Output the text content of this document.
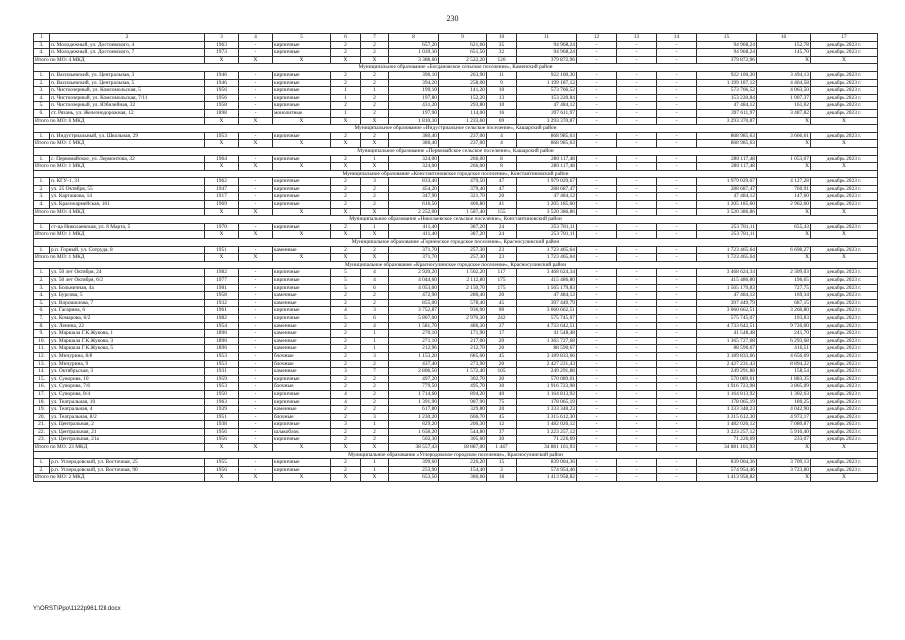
230
1	2	3	4	5	6	7	8	9	10	11	12	13	14	15	16	17
3.	п. Молодежный, ул. Достоевского, 4	1963	-	кирпичные	2	2	657,20	621,60	35	94 968,24	-	-	-	94 968,24	152,78	декабрь 2023 г.
4.	п. Молодежный, ул. Достоевского, 7	1973	-	кирпичные	2	2	1 039,30	651,50	32	94 968,24	-	-	-	94 968,24	145,70	декабрь 2023 г.
Итого по МО: 4 МКД		X	X	X	X	X	3 388,60	2 522,20	120	379 872,96	-	-	-	379 872,96	X	X
Муниципальное образование «Богдановское сельское поселение», Каменский район																
1.	п. Васильевский, ул. Центральная, 3	1946	-	кирпичные	2	2	390,10	263,90	11	922 100,30	-	-	-	922 100,30	3 494,13	декабрь 2023 г.
2.	п. Васильевский, ул. Центральная, 5	1946	-	кирпичные	2	2	394,20	258,00	9	1 199 187,12	-	-	-	1 199 187,12	4 464,58	декабрь 2023 г.
3.	п. Чистоозерный, ул. Комсомольская, 5	1956	-	кирпичные	1	1	199,10	141,20	10	573 766,52	-	-	-	573 766,52	4 063,50	декабрь 2023 г.
4.	п. Чистоозерный, ул. Комсомольская, 7/11	1956	-	кирпичные	1	2	197,80	152,20	13	153 220,84	-	-	-	153 220,84	1 007,37	декабрь 2023 г.
5.	п. Чистоозерный, ул. Юбилейная, 32	1958	-	кирпичные	2	2	431,20	293,80	10	47 484,12	-	-	-	47 484,12	161,62	декабрь 2023 г.
6.	ст. Рязань, ул. Железнодорожная, 12	1898	-	монолитные	1	2	197,90	114,00	16	397 611,97	-	-	-	397 611,97	3 487,82	декабрь 2023 г.
Итого по МО: 6 МКД		X	X	X	X	X	1 810,30	1 233,60	69	3 293 370,87	-	-	-	3 293 370,87	X	X
Муниципальное образование «Индустриальное сельское поселение», Кашарский район																
1.	п. Индустриальный, ул. Школьная, 29	1953	-	кирпичные	2	2	380,40	237,00	4	868 985,63	-	-	-	868 985,63	3 666,61	декабрь 2023 г.
Итого по МО: 1 МКД		X	X	X	X	X	380,40	237,00	4	868 985,63	-	-	-	868 985,63	X	X
Муниципальное образование «Первомайское сельское поселение», Кашарский район																
1.	с. Первомайское, ул. Лермонтова, 32	1964	-	кирпичные	2	1	324,00	266,00	8	280 117,48	-	-	-	280 117,48	1 053,07	декабрь 2023 г.
Итого по МО: 1 МКД		X	X	X	X	X	324,00	266,00	8	280 117,48	-	-	-	280 117,48	X	X
Муниципальное образование «Константиновское городское поселение», Константиновский район																
1.	п. КГУ-1, 31	1962	-	кирпичные	2	3	833,40	479,50	47	1 979 029,67	-	-	-	1 979 029,67	4 127,28	декабрь 2023 г.
2.	ул. 25 Октября, 55	1947	-	кирпичные	2	2	454,20	379,40	47	288 687,47	-	-	-	288 687,47	760,91	декабрь 2023 г.
3.	ул. Карташова, 14	1917	-	кирпичные	2	2	347,90	321,70	20	47 484,12	-	-	-	47 484,12	147,60	декабрь 2023 г.
4.	ул. Красноармейская, 161	1969	-	кирпичные	2	2	616,50	406,80	41	1 205 185,60	-	-	-	1 205 185,60	2 962,60	декабрь 2023 г.
Итого по МО: 4 МКД		X	X	X	X	X	2 252,00	1 587,40	155	3 520 386,86	-	-	-	3 520 386,86	X	X
Муниципальное образование «Николаевское сельское поселение», Константиновский район																
1.	ст-ца Николаевская, ул. 8 Марта, 5	1970	-	кирпичные	2	1	411,40	387,20	24	253 781,11	-	-	-	253 781,11	655,43	декабрь 2023 г.
Итого по МО: 1 МКД		X	X	X	X	X	411,40	387,20	24	253 781,11	-	-	-	253 781,11	X	X
Муниципальное образование «Горненское городское поселение», Красносулинский район																
1.	р.п. Горный, ул. Сотруда, 8	1951	-	каменные	2	2	371,70	257,30	23	1 723 465,64	-	-	-	1 723 465,64	6 698,27	декабрь 2023 г.
Итого по МО: 1 МКД		X	X	X	X	X	371,70	257,30	23	1 723 465,64	-	-	-	1 723 465,64	X	X
Муниципальное образование «Красносулинское городское поселение», Красносулинский район																
1.	ул. 50 лет Октября, 24	1982	-	кирпичные	5	4	2 920,20	1 502,20	117	3 468 624,34	-	-	-	3 468 624,34	2 309,03	декабрь 2023 г.
2.	ул. 50 лет Октября, 6/2	1977	-	кирпичные	5	4	4 044,60	2 112,80	175	415 486,80	-	-	-	415 486,80	196,65	декабрь 2023 г.
3.	ул. Больничная, 4а	1981	-	кирпичные	5	6	4 053,00	2 150,70	175	1 565 179,83	-	-	-	1 565 179,83	727,75	декабрь 2023 г.
4.	ул. Бурсова, 5	1958	-	каменные	2	2	472,90	280,40	20	47 484,12	-	-	-	47 484,12	169,34	декабрь 2023 г.
5.	ул. Ворошилова, 7	1932	-	каменные	2	2	855,00	578,40	45	397 449,79	-	-	-	397 449,79	687,15	декабрь 2023 г.
6.	ул. Гагарина, 6	1961	-	кирпичные	4	3	3 752,87	936,90	90	3 060 662,51	-	-	-	3 060 662,51	3 266,80	декабрь 2023 г.
7.	ул. Комарова, 6/2	1982	-	кирпичные	5	6	5 807,00	2 970,30	242	575 745,07	-	-	-	575 745,07	193,83	декабрь 2023 г.
8.	ул. Ленина, 22	1954	-	каменные	2	4	1 581,70	486,30	37	4 733 642,51	-	-	-	4 733 642,51	9 726,00	декабрь 2023 г.
9.	ул. Маршала Г.К.Жукова, 1	1896	-	каменные	2	1	270,10	171,90	17	41 548,48	-	-	-	41 548,48	241,70	декабрь 2023 г.
10.	ул. Маршала Г.К.Жукова, 3	1896	-	каменные	2	1	271,10	217,00	20	1 365 727,68	-	-	-	1 365 727,68	6 293,68	декабрь 2023 г.
11.	ул. Маршала Г.К.Жукова, 5	1896	-	каменные	2	1	212,96	212,70	20	88 590,67	-	-	-	88 590,67	416,51	декабрь 2023 г.
12.	ул. Мичурина, 8/8	1953	-	блочные	2	3	1 153,20	685,00	45	3 189 833,66	-	-	-	3 189 833,66	4 656,69	декабрь 2023 г.
13.	ул. Мичурина, 9	1953	-	блочные	2	2	437,40	273,90	20	2 427 231,43	-	-	-	2 427 231,43	8 894,22	декабрь 2023 г.
14.	ул. Октябрьская, 3	1931	-	каменные	3	7	2 806,50	1 572,40	105	249 291,88	-	-	-	249 291,88	158,54	декабрь 2023 г.
15.	ул. Суворова, 10	1959	-	кирпичные	2	2	497,20	302,70	30	570 089,61	-	-	-	570 089,61	1 883,35	декабрь 2023 г.
16.	ул. Суворова, 7/6	1953	-	блочные	2	2	779,50	495,70	30	1 916 723,98	-	-	-	1 916 723,98	3 865,09	декабрь 2023 г.
17.	ул. Суворова, 8/4	1950	-	кирпичные	4	2	1 714,60	894,20	40	1 164 813,92	-	-	-	1 164 813,92	1 302,63	декабрь 2023 г.
18.	ул. Театральная, 10	1963	-	кирпичные	4	2	1 391,90	987,90	75	178 065,19	-	-	-	178 065,19	180,25	декабрь 2023 г.
19.	ул. Театральная, 4	1939	-	каменные	2	2	617,80	329,80	20	1 333 348,23	-	-	-	1 333 348,23	4 042,90	декабрь 2023 г.
20.	ул. Театральная, 8/2	1951	-	блочные	2	3	1 230,20	666,70	45	3 315 612,30	-	-	-	3 315 612,30	4 973,17	декабрь 2023 г.
21.	ул. Центральная, 2	1938	-	кирпичные	3	1	829,20	200,30	12	1 482 026,12	-	-	-	1 482 026,12	7 080,87	декабрь 2023 г.
22.	ул. Центральная, 21	1956	-	шлакоблок	2	2	1 658,20	544,80	37	3 223 257,12	-	-	-	3 223 257,12	5 916,40	декабрь 2023 г.
23.	ул. Центральная, 21а	1956	-	кирпичные	2	2	502,30	305,60	30	71 226,69	-	-	-	71 226,69	233,07	декабрь 2023 г.
Итого по МО: 23 МКД		X	X	X	X	X	38 557,43	18 887,00	1 447	34 881 161,93	-	-	-	34 881 161,93	X	X
Муниципальное образование «Углеродовское городское поселение», Красносулинский район																
1.	р.п. Углеродовский, ул. Восточная, 25	1955	-	кирпичные	2	1	399,60	226,20	15	839 004,36	-	-	-	839 004,36	3 709,13	декабрь 2023 г.
2.	р.п. Углеродовский, ул. Восточная, 90	1956	-	кирпичные	2	1	253,90	154,40	3	574 954,46	-	-	-	574 954,46	3 723,80	декабрь 2023 г.
Итого по МО: 2 МКД		X	X	X	X	X	653,50	380,60	18	1 413 958,82	-	-	-	1 413 958,82	X	X
Y:\ORST\Ppo\1122p961.f2ll.docx
